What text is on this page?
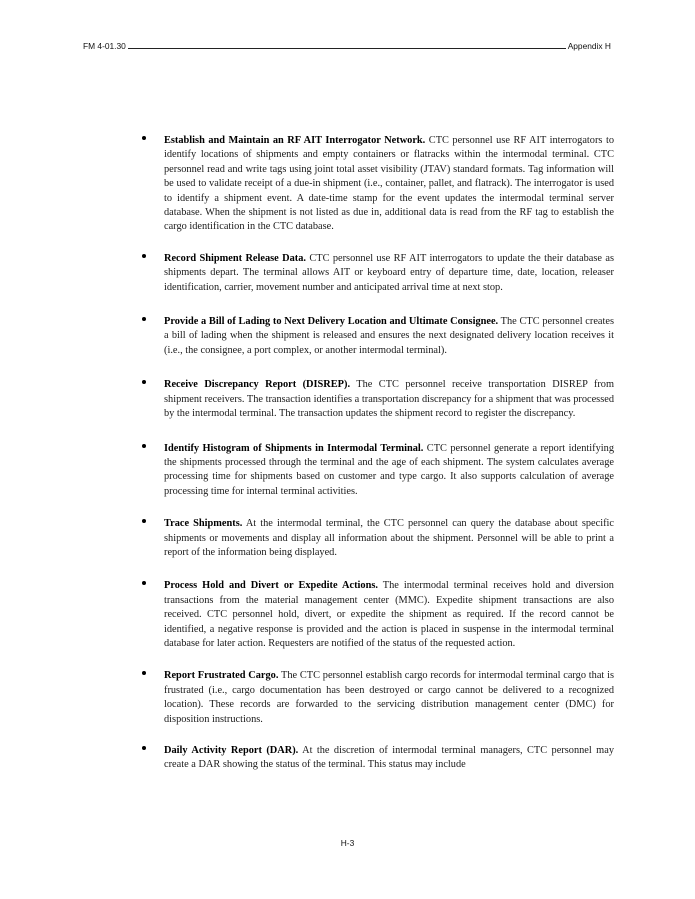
FM 4-01.30	Appendix H

Establish and Maintain an RF AIT Interrogator Network. CTC personnel use RF AIT interrogators to identify locations of shipments and empty containers or flatracks within the intermodal terminal. CTC personnel read and write tags using joint total asset visibility (JTAV) standard formats. Tag information will be used to validate receipt of a due-in shipment (i.e., container, pallet, and flatrack). The interrogator is used to identify a shipment event. A date-time stamp for the event updates the intermodal terminal server database. When the shipment is not listed as due in, additional data is read from the RF tag to establish the cargo identification in the CTC database.

Record Shipment Release Data. CTC personnel use RF AIT interrogators to update the their database as shipments depart. The terminal allows AIT or keyboard entry of departure time, date, location, releaser identification, carrier, movement number and anticipated arrival time at next stop.

Provide a Bill of Lading to Next Delivery Location and Ultimate Consignee. The CTC personnel creates a bill of lading when the shipment is released and ensures the next designated delivery location receives it (i.e., the consignee, a port complex, or another intermodal terminal).

Receive Discrepancy Report (DISREP). The CTC personnel receive transportation DISREP from shipment receivers. The transaction identifies a transportation discrepancy for a shipment that was processed by the intermodal terminal. The transaction updates the shipment record to register the discrepancy.

Identify Histogram of Shipments in Intermodal Terminal. CTC personnel generate a report identifying the shipments processed through the terminal and the age of each shipment. The system calculates average processing time for shipments based on customer and type cargo. It also supports calculation of average processing time for internal terminal activities.

Trace Shipments. At the intermodal terminal, the CTC personnel can query the database about specific shipments or movements and display all information about the shipment. Personnel will be able to print a report of the information being displayed.

Process Hold and Divert or Expedite Actions. The intermodal terminal receives hold and diversion transactions from the material management center (MMC). Expedite shipment transactions are also received. CTC personnel hold, divert, or expedite the shipment as required. If the record cannot be identified, a negative response is provided and the action is placed in suspense in the intermodal terminal database for later action. Requesters are notified of the status of the requested action.

Report Frustrated Cargo. The CTC personnel establish cargo records for intermodal terminal cargo that is frustrated (i.e., cargo documentation has been destroyed or cargo cannot be delivered to a recognized location). These records are forwarded to the servicing distribution management center (DMC) for disposition instructions.

Daily Activity Report (DAR). At the discretion of intermodal terminal managers, CTC personnel may create a DAR showing the status of the terminal. This status may include

H-3
